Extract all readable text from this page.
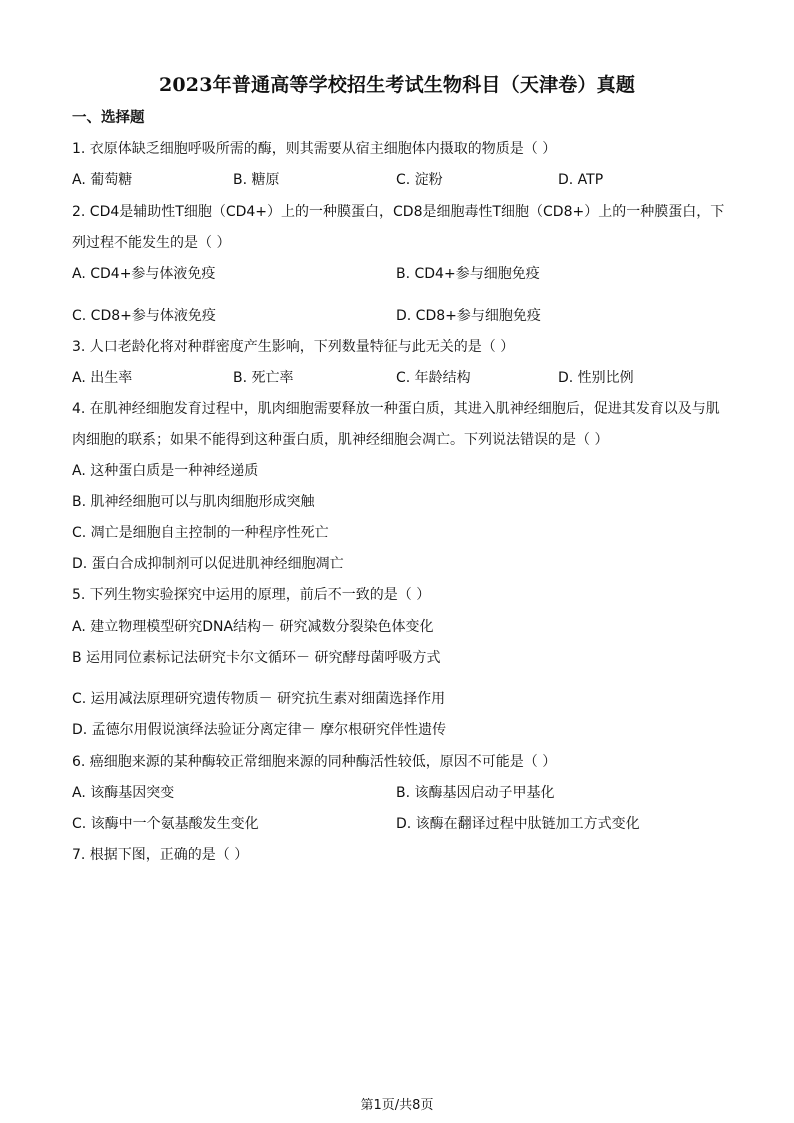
2023年普通高等学校招生考试生物科目（天津卷）真题
一、选择题
1. 衣原体缺乏细胞呼吸所需的酶，则其需要从宿主细胞体内摄取的物质是（ ）
A. 葡萄糖	B. 糖原	C. 淀粉	D. ATP
2. CD4是辅助性T细胞（CD4+）上的一种膜蛋白，CD8是细胞毒性T细胞（CD8+）上的一种膜蛋白，下
列过程不能发生的是（ ）
A. CD4+参与体液免疫	B. CD4+参与细胞免疫
C. CD8+参与体液免疫	D. CD8+参与细胞免疫
3. 人口老龄化将对种群密度产生影响，下列数量特征与此无关的是（ ）
A. 出生率	B. 死亡率	C. 年龄结构	D. 性别比例
4. 在肌神经细胞发育过程中，肌肉细胞需要释放一种蛋白质，其进入肌神经细胞后，促进其发育以及与肌
肉细胞的联系；如果不能得到这种蛋白质，肌神经细胞会凋亡。下列说法错误的是（ ）
A. 这种蛋白质是一种神经递质
B. 肌神经细胞可以与肌肉细胞形成突触
C. 凋亡是细胞自主控制的一种程序性死亡
D. 蛋白合成抑制剂可以促进肌神经细胞凋亡
5. 下列生物实验探究中运用的原理，前后不一致的是（ ）
A. 建立物理模型研究DNA结构－ 研究减数分裂染色体变化
B 运用同位素标记法研究卡尔文循环－ 研究酵母菌呼吸方式
C. 运用减法原理研究遗传物质－ 研究抗生素对细菌选择作用
D. 孟德尔用假说演绎法验证分离定律－ 摩尔根研究伴性遗传
6. 癌细胞来源的某种酶较正常细胞来源的同种酶活性较低，原因不可能是（ ）
A. 该酶基因突变	B. 该酶基因启动子甲基化
C. 该酶中一个氨基酸发生变化	D. 该酶在翻译过程中肽链加工方式变化
7. 根据下图，正确的是（ ）
第1页/共8页
